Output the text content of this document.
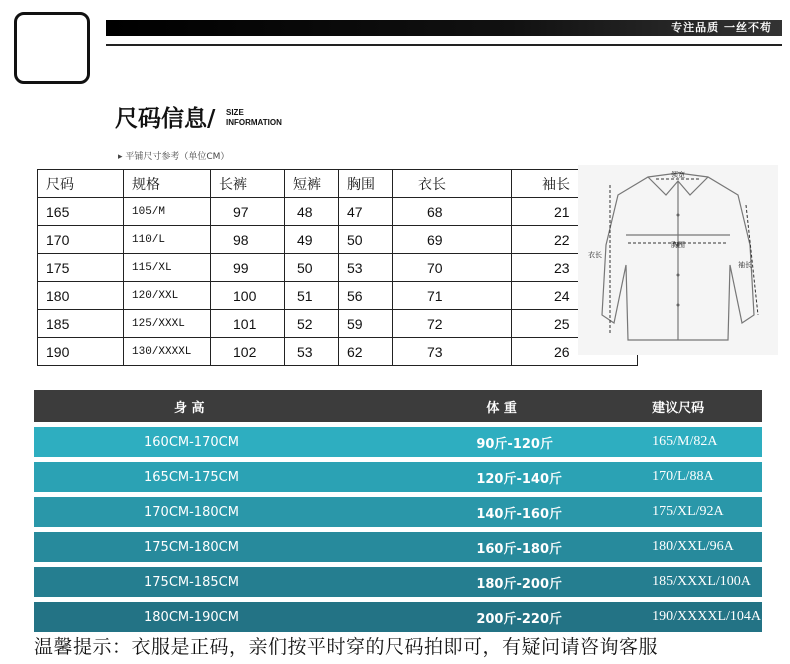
专注品质 一丝不苟
尺码信息/ SIZE
INFORMATION
▸ 平铺尺寸参考（单位CM）
尺码	规格	长裤	短裤	胸围	衣长	袖长
165	105/M	97	48	47	68	21
170	110/L	98	49	50	69	22
175	115/XL	99	50	53	70	23
180	120/XXL	100	51	56	71	24
185	125/XXXL	101	52	59	72	25
190	130/XXXXL	102	53	62	73	26
领宽
胸围
衣长
袖长
身 高	体 重	建议尺码
160CM-170CM	90斤-120斤	165/M/82A
165CM-175CM	120斤-140斤	170/L/88A
170CM-180CM	140斤-160斤	175/XL/92A
175CM-180CM	160斤-180斤	180/XXL/96A
175CM-185CM	180斤-200斤	185/XXXL/100A
180CM-190CM	200斤-220斤	190/XXXXL/104A
温馨提示：衣服是正码，亲们按平时穿的尺码拍即可，有疑问请咨询客服
